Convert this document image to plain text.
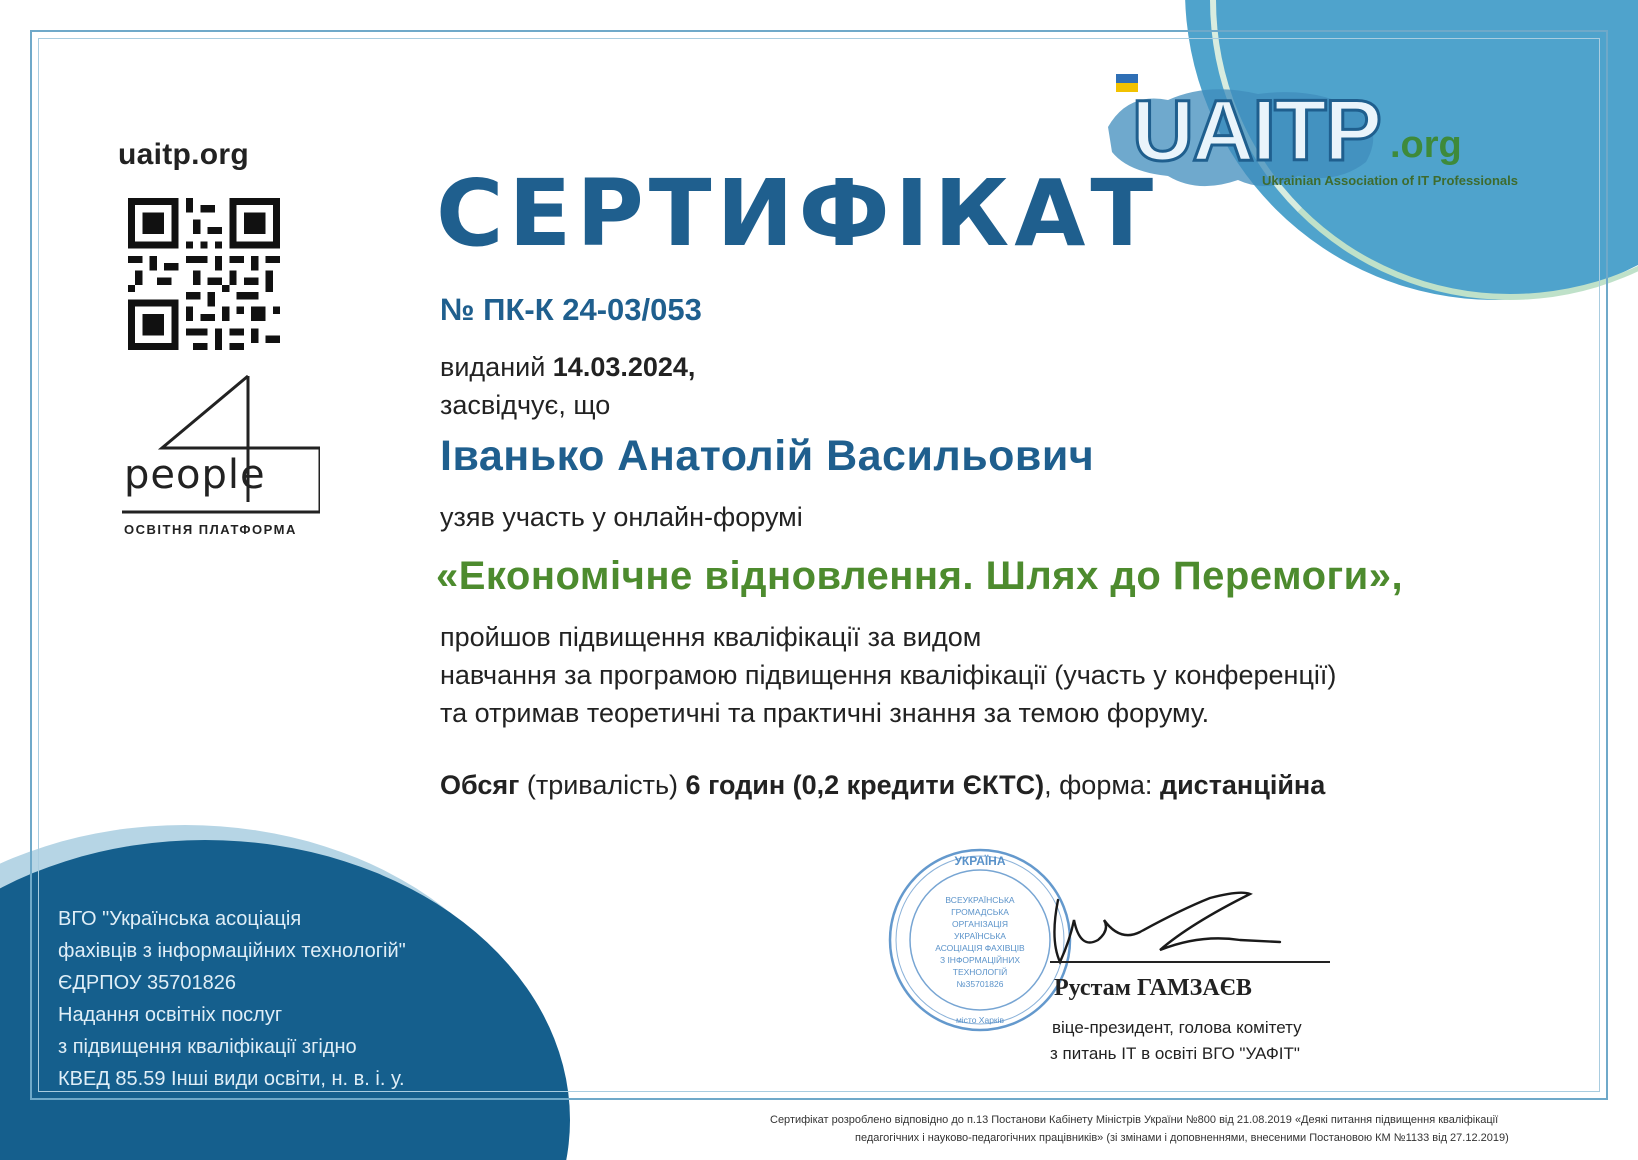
uaitp.org
people
ОСВІТНЯ ПЛАТФОРМА
UAITP .org
Ukrainian Association of IT Professionals
СЕРТИФІКАТ
№ ПК-К 24-03/053
виданий 14.03.2024,
засвідчує, що
Іванько Анатолій Васильович
узяв участь у онлайн-форумі
«Економічне відновлення. Шлях до Перемоги»,
пройшов підвищення кваліфікації за видом
навчання за програмою підвищення кваліфікації (участь у конференції)
та отримав теоретичні та практичні знання за темою форуму.
Обсяг (тривалість) 6 годин (0,2 кредити ЄКТС), форма: дистанційна
ВГО "Українська асоціація
фахівців з інформаційних технологій"
ЄДРПОУ 35701826
Надання освітніх послуг
з підвищення кваліфікації згідно
КВЕД 85.59 Інші види освіти, н. в. і. у.
УКРАЇНА
ВСЕУКРАЇНСЬКА
ГРОМАДСЬКА
ОРГАНІЗАЦІЯ
УКРАЇНСЬКА
АСОЦІАЦІЯ ФАХІВЦІВ
З ІНФОРМАЦІЙНИХ
ТЕХНОЛОГІЙ
№35701826
місто Харків
Рустам ГАМЗАЄВ
віце-президент, голова комітету
з питань ІТ в освіті ВГО "УАФІТ"
Сертифікат розроблено відповідно до п.13 Постанови Кабінету Міністрів України №800 від 21.08.2019 «Деякі питання підвищення кваліфікації
педагогічних і науково-педагогічних працівників» (зі змінами і доповненнями, внесеними Постановою КМ №1133 від 27.12.2019)
